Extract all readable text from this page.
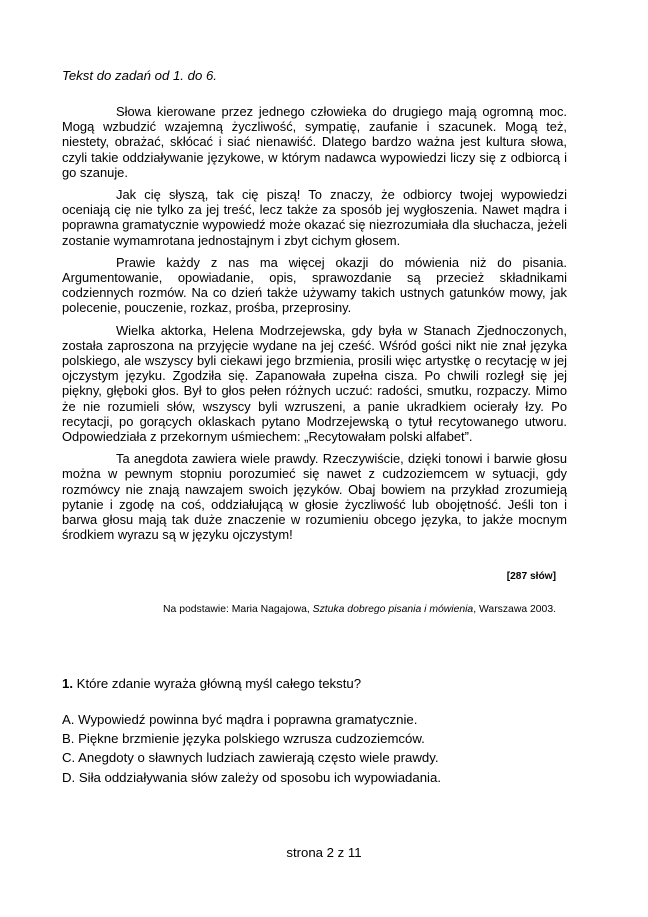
Tekst do zadań od 1. do 6.

Słowa kierowane przez jednego człowieka do drugiego mają ogromną moc. Mogą wzbudzić wzajemną życzliwość, sympatię, zaufanie i szacunek. Mogą też, niestety, obrażać, skłócać i siać nienawiść. Dlatego bardzo ważna jest kultura słowa, czyli takie oddziaływanie językowe, w którym nadawca wypowiedzi liczy się z odbiorcą i go szanuje.

Jak cię słyszą, tak cię piszą! To znaczy, że odbiorcy twojej wypowiedzi oceniają cię nie tylko za jej treść, lecz także za sposób jej wygłoszenia. Nawet mądra i poprawna gramatycznie wypowiedź może okazać się niezrozumiała dla słuchacza, jeżeli zostanie wymamrotana jednostajnym i zbyt cichym głosem.

Prawie każdy z nas ma więcej okazji do mówienia niż do pisania. Argumentowanie, opowiadanie, opis, sprawozdanie są przecież składnikami codziennych rozmów. Na co dzień także używamy takich ustnych gatunków mowy, jak polecenie, pouczenie, rozkaz, prośba, przeprosiny.

Wielka aktorka, Helena Modrzejewska, gdy była w Stanach Zjednoczonych, została zaproszona na przyjęcie wydane na jej cześć. Wśród gości nikt nie znał języka polskiego, ale wszyscy byli ciekawi jego brzmienia, prosili więc artystkę o recytację w jej ojczystym języku. Zgodziła się. Zapanowała zupełna cisza. Po chwili rozległ się jej piękny, głęboki głos. Był to głos pełen różnych uczuć: radości, smutku, rozpaczy. Mimo że nie rozumieli słów, wszyscy byli wzruszeni, a panie ukradkiem ocierały łzy. Po recytacji, po gorących oklaskach pytano Modrzejewską o tytuł recytowanego utworu. Odpowiedziała z przekornym uśmiechem: „Recytowałam polski alfabet”.

Ta anegdota zawiera wiele prawdy. Rzeczywiście, dzięki tonowi i barwie głosu można w pewnym stopniu porozumieć się nawet z cudzoziemcem w sytuacji, gdy rozmówcy nie znają nawzajem swoich języków. Obaj bowiem na przykład zrozumieją pytanie i zgodę na coś, oddziałującą w głosie życzliwość lub obojętność. Jeśli ton i barwa głosu mają tak duże znaczenie w rozumieniu obcego języka, to jakże mocnym środkiem wyrazu są w języku ojczystym!

[287 słów]
Na podstawie: Maria Nagajowa, Sztuka dobrego pisania i mówienia, Warszawa 2003.
1. Które zdanie wyraża główną myśl całego tekstu?
A. Wypowiedź powinna być mądra i poprawna gramatycznie.
B. Piękne brzmienie języka polskiego wzrusza cudzoziemców.
C. Anegdoty o sławnych ludziach zawierają często wiele prawdy.
D. Siła oddziaływania słów zależy od sposobu ich wypowiadania.
strona 2 z 11
